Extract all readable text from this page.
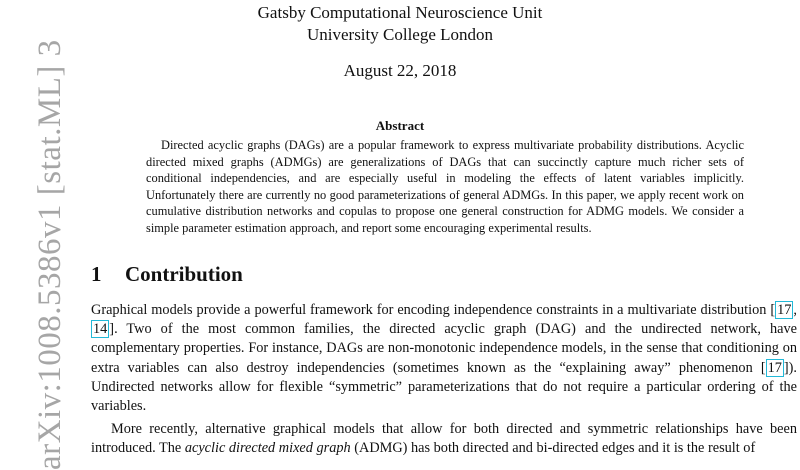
arXiv:1008.5386v1 [stat.ML] 3
Gatsby Computational Neuroscience Unit
University College London
August 22, 2018
Abstract

Directed acyclic graphs (DAGs) are a popular framework to express multivariate probability distributions. Acyclic directed mixed graphs (ADMGs) are generalizations of DAGs that can succinctly capture much richer sets of conditional independencies, and are especially useful in modeling the effects of latent variables implicitly. Unfortunately there are currently no good parameterizations of general ADMGs. In this paper, we apply recent work on cumulative distribution networks and copulas to propose one general construction for ADMG models. We consider a simple parameter estimation approach, and report some encouraging experimental results.

1 Contribution

Graphical models provide a powerful framework for encoding independence constraints in a multivariate distribution [ 17 , 14 ]. Two of the most common families, the directed acyclic graph (DAG) and the undirected network, have complementary properties. For instance, DAGs are non-monotonic independence models, in the sense that conditioning on extra variables can also destroy independencies (sometimes known as the “explaining away” phenomenon [ 17 ]). Undirected networks allow for flexible “symmetric” parameterizations that do not require a particular ordering of the variables.

More recently, alternative graphical models that allow for both directed and symmetric relationships have been introduced. The acyclic directed mixed graph (ADMG) has both directed and bi-directed edges and it is the result of
